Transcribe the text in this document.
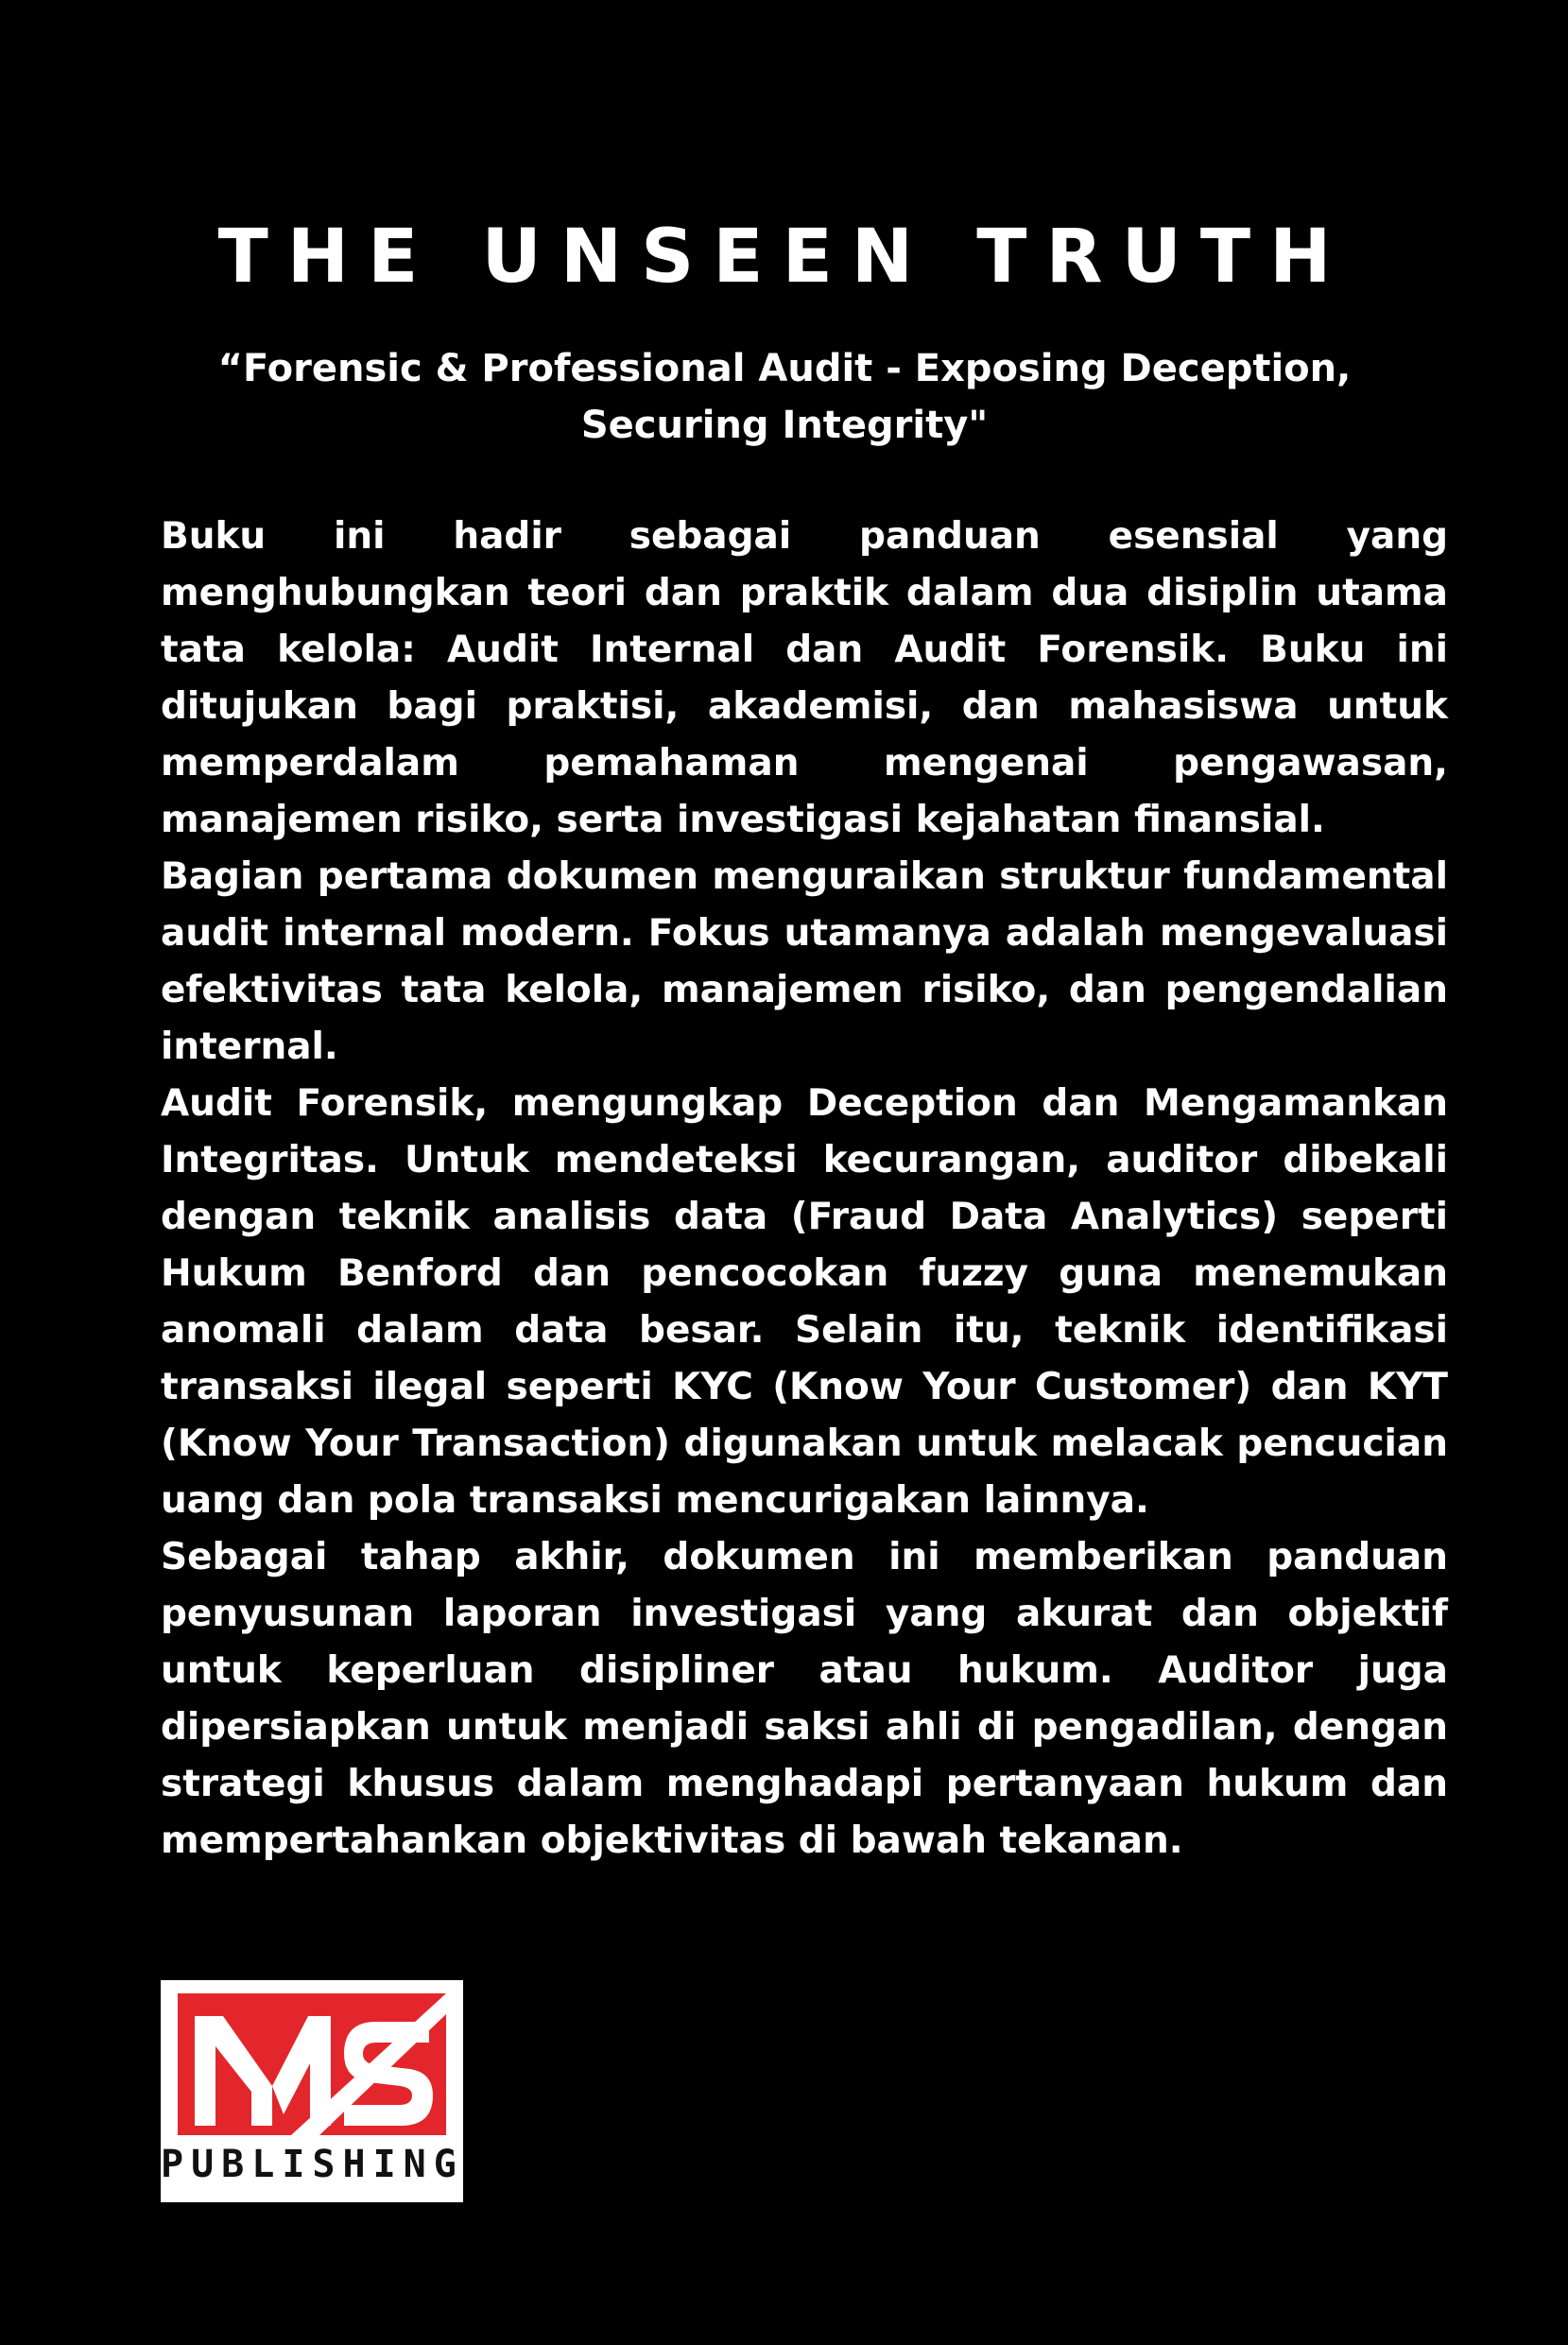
THE UNSEEN TRUTH

“Forensic & Professional Audit - Exposing Deception, Securing Integrity"

Buku ini hadir sebagai panduan esensial yang menghubungkan teori dan praktik dalam dua disiplin utama tata kelola: Audit Internal dan Audit Forensik. Buku ini ditujukan bagi praktisi, akademisi, dan mahasiswa untuk memperdalam pemahaman mengenai pengawasan, manajemen risiko, serta investigasi kejahatan finansial.

Bagian pertama dokumen menguraikan struktur fundamental audit internal modern. Fokus utamanya adalah mengevaluasi efektivitas tata kelola, manajemen risiko, dan pengendalian internal.

Audit Forensik, mengungkap Deception dan Mengamankan Integritas. Untuk mendeteksi kecurangan, auditor dibekali dengan teknik analisis data (Fraud Data Analytics) seperti Hukum Benford dan pencocokan fuzzy guna menemukan anomali dalam data besar. Selain itu, teknik identifikasi transaksi ilegal seperti KYC (Know Your Customer) dan KYT (Know Your Transaction) digunakan untuk melacak pencucian uang dan pola transaksi mencurigakan lainnya.

Sebagai tahap akhir, dokumen ini memberikan panduan penyusunan laporan investigasi yang akurat dan objektif untuk keperluan disipliner atau hukum. Auditor juga dipersiapkan untuk menjadi saksi ahli di pengadilan, dengan strategi khusus dalam menghadapi pertanyaan hukum dan mempertahankan objektivitas di bawah tekanan.

PUBLISHING
